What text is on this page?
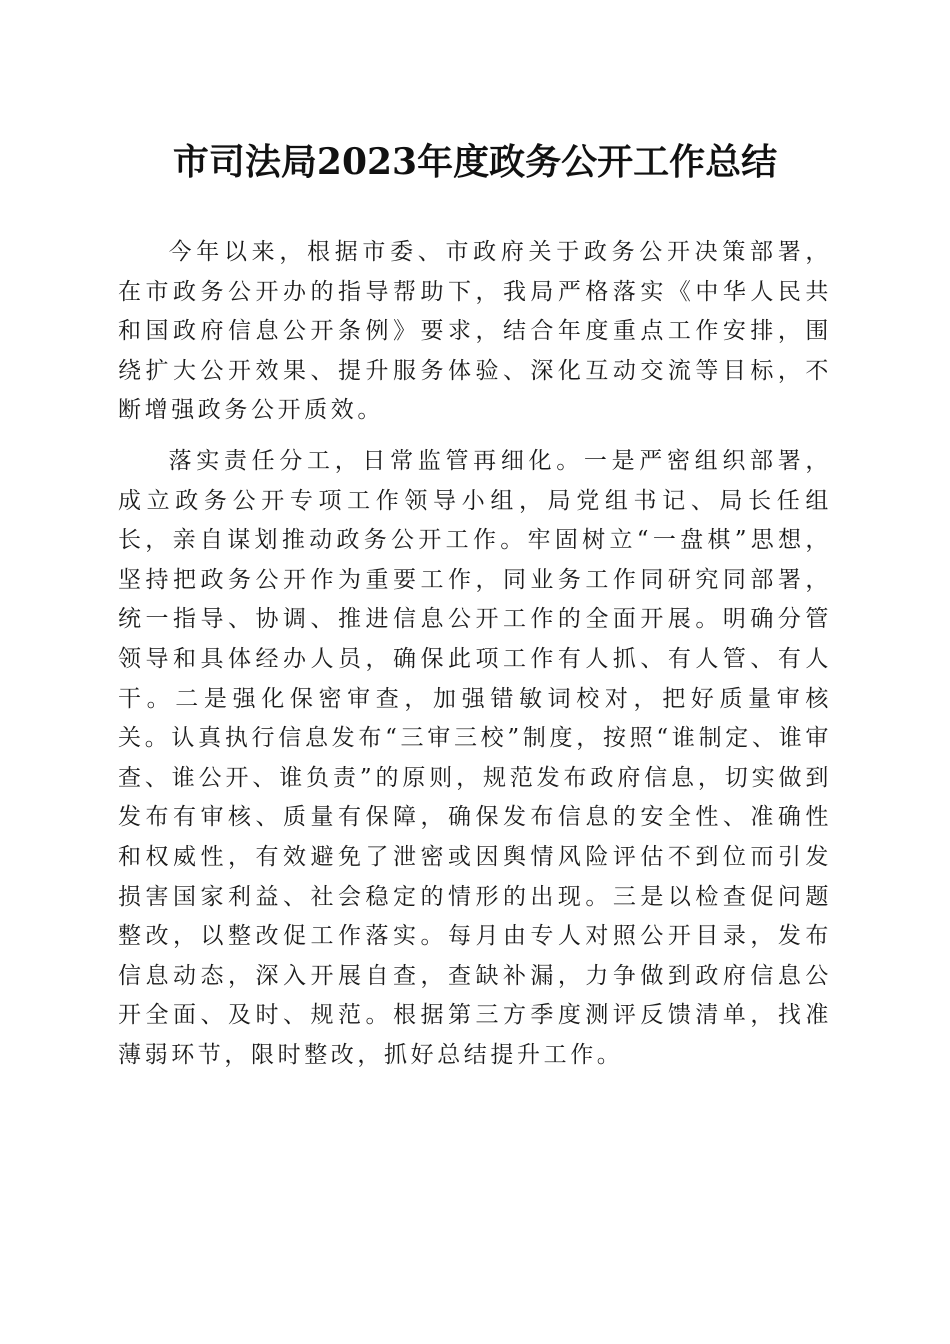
市司法局2023年度政务公开工作总结

今年以来，根据市委、市政府关于政务公开决策部署，在市政务公开办的指导帮助下，我局严格落实《中华人民共和国政府信息公开条例》要求，结合年度重点工作安排，围绕扩大公开效果、提升服务体验、深化互动交流等目标，不断增强政务公开质效。

落实责任分工，日常监管再细化。一是严密组织部署，成立政务公开专项工作领导小组，局党组书记、局长任组长，亲自谋划推动政务公开工作。牢固树立“一盘棋”思想，坚持把政务公开作为重要工作，同业务工作同研究同部署，统一指导、协调、推进信息公开工作的全面开展。明确分管领导和具体经办人员，确保此项工作有人抓、有人管、有人干。二是强化保密审查，加强错敏词校对，把好质量审核关。认真执行信息发布“三审三校”制度，按照“谁制定、谁审查、谁公开、谁负责”的原则，规范发布政府信息，切实做到发布有审核、质量有保障，确保发布信息的安全性、准确性和权威性，有效避免了泄密或因舆情风险评估不到位而引发损害国家利益、社会稳定的情形的出现。三是以检查促问题整改，以整改促工作落实。每月由专人对照公开目录，发布信息动态，深入开展自查，查缺补漏，力争做到政府信息公开全面、及时、规范。根据第三方季度测评反馈清单，找准薄弱环节，限时整改，抓好总结提升工作。
